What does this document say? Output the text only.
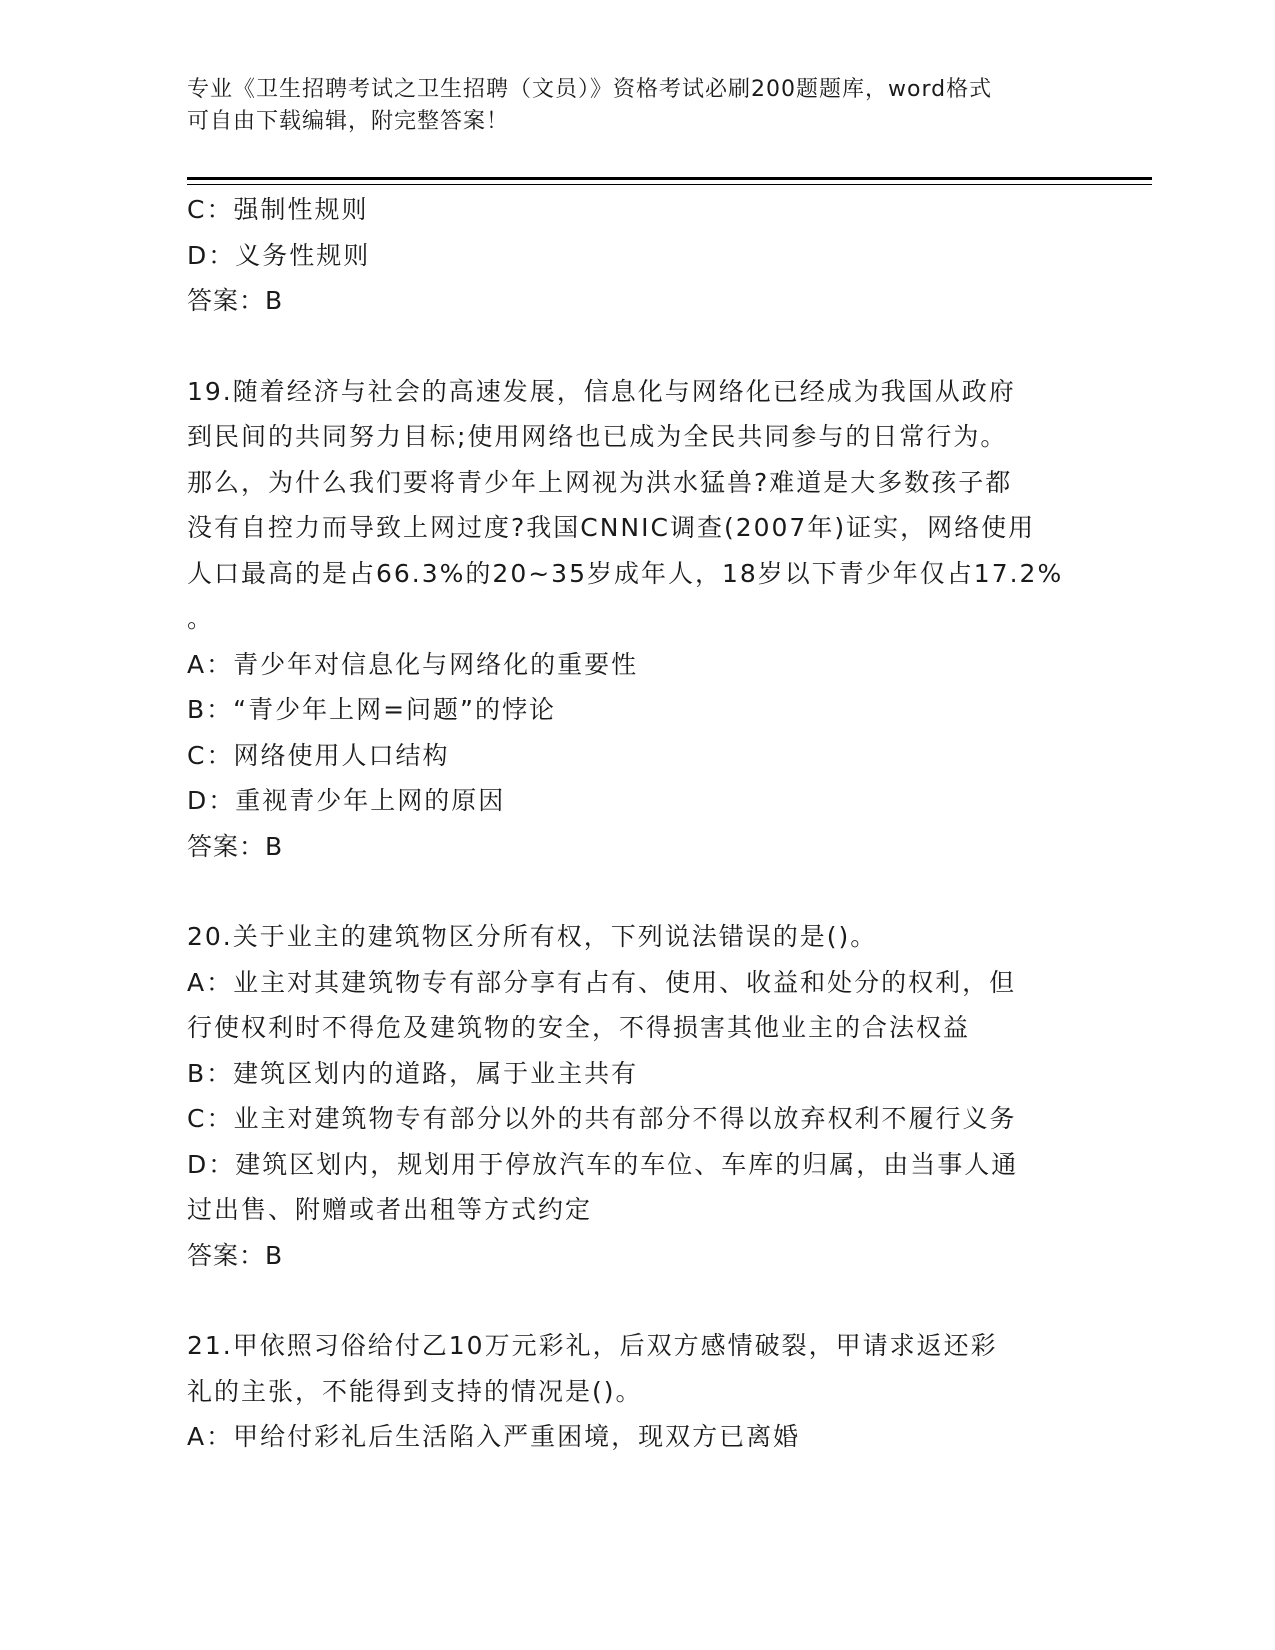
专业《卫生招聘考试之卫生招聘（文员）》资格考试必刷200题题库，word格式
可自由下载编辑，附完整答案！
C：强制性规则
D：义务性规则
答案：B
19.随着经济与社会的高速发展，信息化与网络化已经成为我国从政府
到民间的共同努力目标;使用网络也已成为全民共同参与的日常行为。
那么，为什么我们要将青少年上网视为洪水猛兽?难道是大多数孩子都
没有自控力而导致上网过度?我国CNNIC调查(2007年)证实，网络使用
人口最高的是占66.3%的20~35岁成年人，18岁以下青少年仅占17.2%
。
A：青少年对信息化与网络化的重要性
B：“青少年上网=问题”的悖论
C：网络使用人口结构
D：重视青少年上网的原因
答案：B
20.关于业主的建筑物区分所有权，下列说法错误的是()。
A：业主对其建筑物专有部分享有占有、使用、收益和处分的权利，但
行使权利时不得危及建筑物的安全，不得损害其他业主的合法权益
B：建筑区划内的道路，属于业主共有
C：业主对建筑物专有部分以外的共有部分不得以放弃权利不履行义务
D：建筑区划内，规划用于停放汽车的车位、车库的归属，由当事人通
过出售、附赠或者出租等方式约定
答案：B
21.甲依照习俗给付乙10万元彩礼，后双方感情破裂，甲请求返还彩
礼的主张，不能得到支持的情况是()。
A：甲给付彩礼后生活陷入严重困境，现双方已离婚
